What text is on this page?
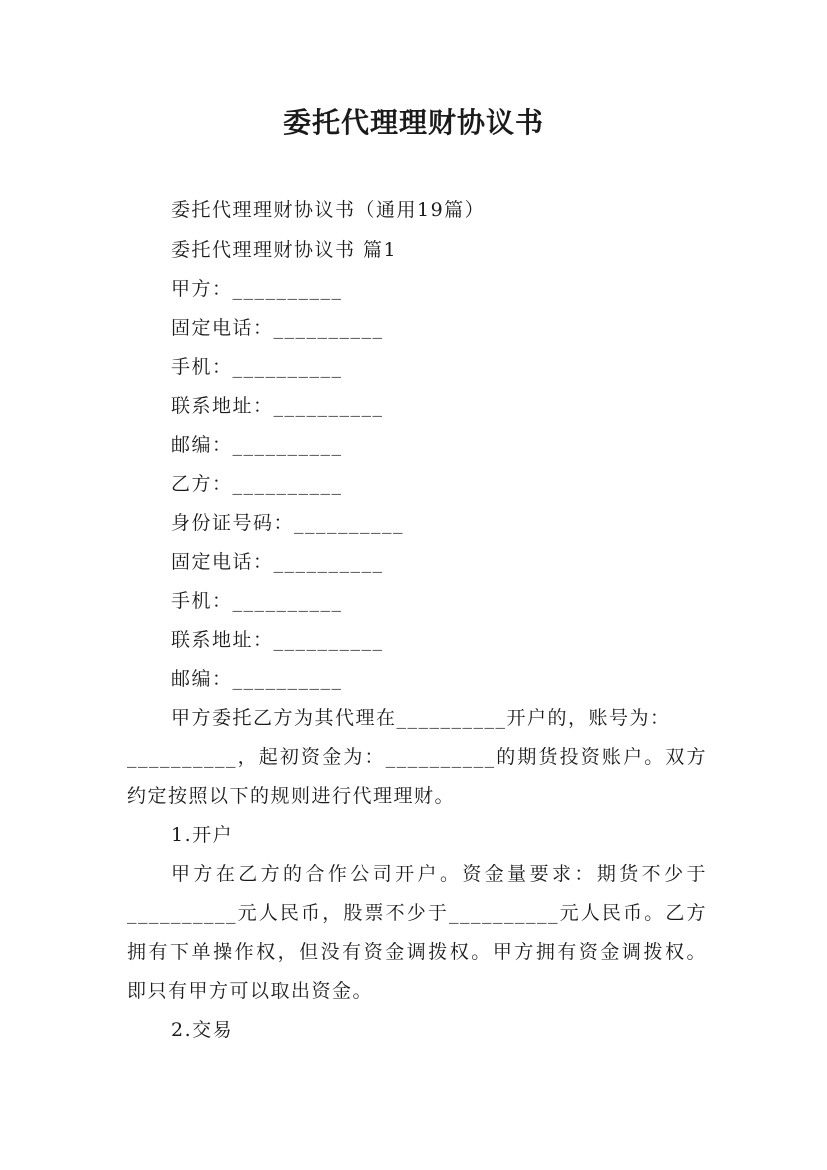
委托代理理财协议书
委托代理理财协议书（通用19篇）
委托代理理财协议书 篇1
甲方：__________
固定电话：__________
手机：__________
联系地址：__________
邮编：__________
乙方：__________
身份证号码：__________
固定电话：__________
手机：__________
联系地址：__________
邮编：__________
甲方委托乙方为其代理在__________开户的，账号为：
__________，起初资金为：__________的期货投资账户。双方
约定按照以下的规则进行代理理财。
1.开户
甲方在乙方的合作公司开户。资金量要求：期货不少于
__________元人民币，股票不少于__________元人民币。乙方
拥有下单操作权，但没有资金调拨权。甲方拥有资金调拨权。
即只有甲方可以取出资金。
2.交易
